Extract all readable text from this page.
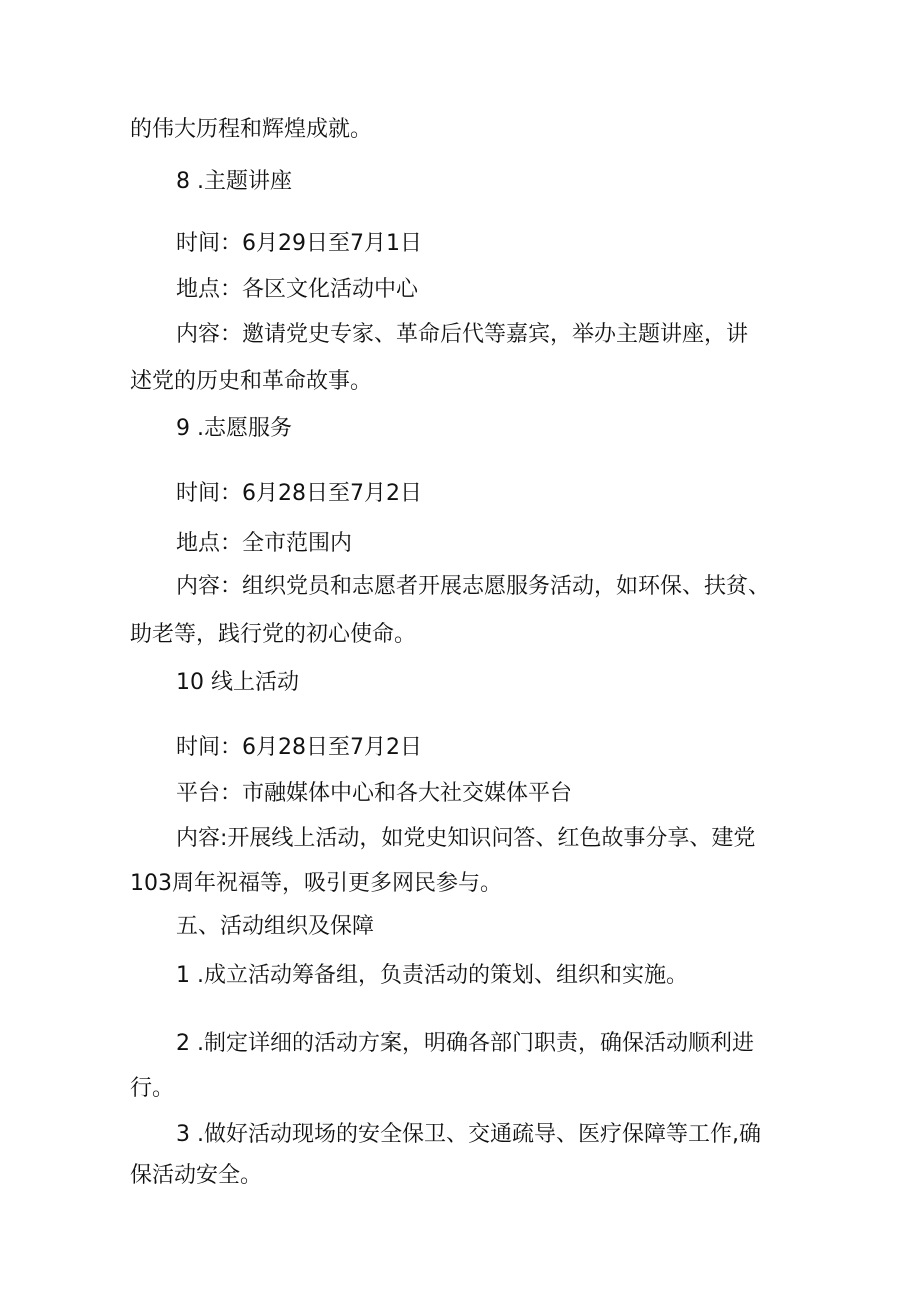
的伟大历程和辉煌成就。
8 .主题讲座
时间：6月29日至7月1日
地点：各区文化活动中心
内容：邀请党史专家、革命后代等嘉宾，举办主题讲座，讲
述党的历史和革命故事。
9 .志愿服务
时间：6月28日至7月2日
地点：全市范围内
内容：组织党员和志愿者开展志愿服务活动，如环保、扶贫、
助老等，践行党的初心使命。
10 线上活动
时间：6月28日至7月2日
平台：市融媒体中心和各大社交媒体平台
内容:开展线上活动，如党史知识问答、红色故事分享、建党
103周年祝福等，吸引更多网民参与。
五、活动组织及保障
1 .成立活动筹备组，负责活动的策划、组织和实施。
2 .制定详细的活动方案，明确各部门职责，确保活动顺利进
行。
3 .做好活动现场的安全保卫、交通疏导、医疗保障等工作,确
保活动安全。
